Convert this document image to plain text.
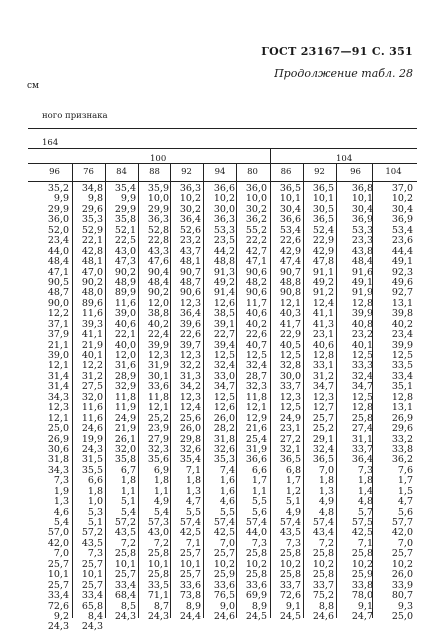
ГОСТ 23167—91 С. 351
Продолжение табл. 28
см
ного признака
164
100	104
96
35,2
9,9
29,9
36,0
52,0
23,4
44,0
48,4
47,1
90,5
48,7
90,0
12,2
37,1
37,9
21,1
39,0
12,1
31,4
31,4
34,3
12,3
12,1
25,0
26,9
30,6
31,8
34,3
7,3
1,9
1,3
4,6
5,4
57,0
42,0
7,0
25,7
10,1
25,7
33,4
72,6
9,2
24,3
76
34,8
9,8
29,6
35,3
52,9
22,1
42,8
48,1
47,0
90,2
48,0
89,6
11,6
39,3
41,1
21,9
40,1
12,2
31,2
27,5
32,0
11,6
11,6
24,6
19,9
24,3
31,5
35,5
6,6
1,8
1,0
5,3
5,1
57,2
43,5
7,3
25,7
10,1
25,7
33,4
65,8
8,4
24,3
84
35,4
9,9
29,9
35,8
52,1
22,5
43,0
47,3
90,2
48,9
89,9
11,6
39,0
40,6
22,1
40,0
12,0
31,6
28,9
32,9
11,8
11,9
24,9
21,9
26,1
32,0
35,8
6,7
1,8
1,1
5,1
5,4
57,2
43,5
7,2
25,8
10,1
25,7
33,4
68,4
8,5
24,3
88
35,9
10,0
29,9
36,3
52,8
22,8
43,3
47,6
90,4
48,4
90,2
12,0
38,8
40,2
22,4
39,9
12,3
31,9
30,1
33,6
11,8
12,1
25,2
23,9
27,9
32,3
35,6
6,9
1,8
1,1
4,9
5,4
57,3
43,0
7,2
25,8
10,1
25,8
33,5
71,1
8,7
24,3
92
36,3
10,2
30,2
36,4
52,6
23,2
43,7
48,1
90,7
48,7
90,6
12,3
36,4
39,6
22,6
39,7
12,3
32,2
31,3
34,2
12,3
12,4
25,6
26,0
29,8
32,6
35,4
7,1
1,8
1,3
4,7
5,5
57,4
42,5
7,1
25,7
10,1
25,7
33,6
73,8
8,9
24,4
94
36,6
10,2
30,0
36,3
53,3
23,5
44,2
48,8
91,3
49,2
91,4
12,6
38,5
39,1
22,7
39,4
12,5
32,4
33,0
34,7
12,5
12,6
26,0
28,2
31,8
32,6
35,3
7,4
1,6
1,6
4,6
5,5
57,4
42,5
7,0
25,7
10,2
25,9
33,6
76,5
9,0
24,6
80
36,0
10,0
30,2
36,2
55,2
22,2
42,7
47,1
90,6
48,2
90,6
11,7
40,6
40,2
22,6
40,7
12,5
32,4
28,7
32,3
11,8
12,1
12,9
21,6
25,4
31,9
36,6
6,6
1,7
1,1
5,5
5,6
57,4
44,0
7,3
25,8
10,2
25,8
33,6
69,9
8,9
24,5
86
36,5
10,1
30,4
36,6
53,4
22,6
42,9
47,4
90,7
48,8
90,8
12,1
40,3
41,7
22,9
40,5
12,5
32,8
30,0
33,7
12,3
12,5
24,9
23,1
27,2
32,1
36,5
6,8
1,7
1,2
5,1
4,9
57,4
43,5
7,3
25,8
10,2
25,8
33,7
72,6
9,1
24,5
92
36,5
10,1
30,5
36,5
52,4
22,9
42,9
47,8
91,1
49,2
91,2
12,4
41,1
41,3
23,1
40,6
12,8
33,1
31,2
34,7
12,3
12,7
25,7
25,2
29,1
32,4
36,5
7,0
1,8
1,3
4,9
4,8
57,4
43,4
7,2
25,8
10,2
25,8
33,7
75,2
8,8
24,6
96
36,8
10,1
30,4
36,9
53,3
23,3
43,8
48,4
91,6
49,1
91,9
12,8
39,9
40,8
23,2
40,1
12,5
33,3
32,4
34,7
12,5
12,8
25,8
27,4
31,1
33,7
36,4
7,3
1,8
1,4
4,8
5,7
57,5
42,5
7,1
25,8
10,2
25,9
33,8
78,0
9,1
24,7
104
37,0
10,2
30,4
36,9
53,4
23,6
44,4
49,1
92,3
49,6
92,7
13,1
39,8
40,2
23,4
39,9
12,5
33,5
33,4
35,1
12,8
13,1
26,9
29,6
33,2
33,8
36,2
7,6
1,7
1,5
4,7
5,6
57,7
42,0
7,0
25,7
10,2
26,0
33,9
80,7
9,3
25,0
